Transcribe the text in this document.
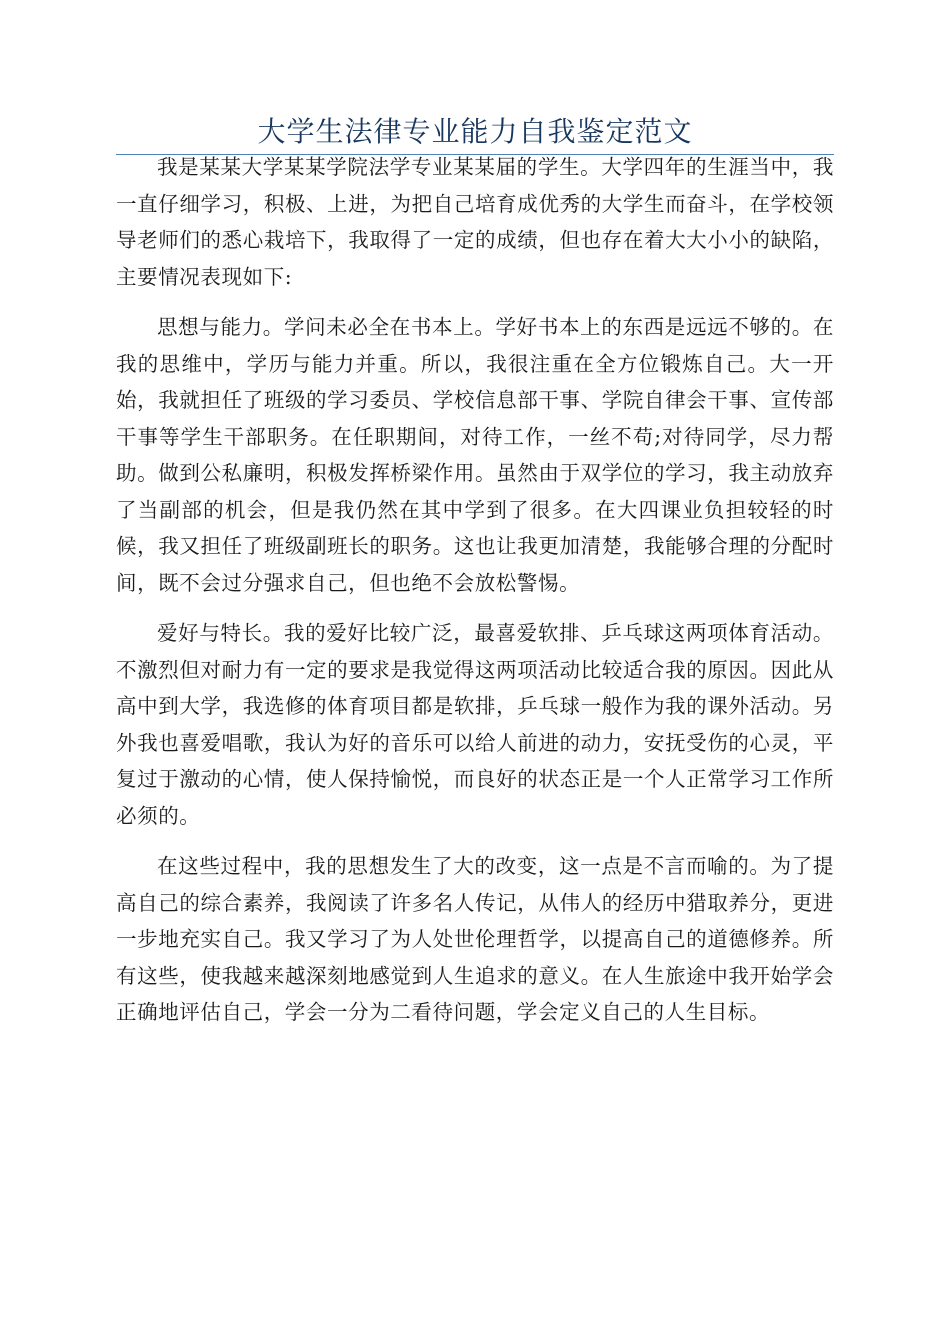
大学生法律专业能力自我鉴定范文

我是某某大学某某学院法学专业某某届的学生。大学四年的生涯当中，我一直仔细学习，积极、上进，为把自己培育成优秀的大学生而奋斗，在学校领导老师们的悉心栽培下，我取得了一定的成绩，但也存在着大大小小的缺陷，主要情况表现如下:

思想与能力。学问未必全在书本上。学好书本上的东西是远远不够的。在我的思维中，学历与能力并重。所以，我很注重在全方位锻炼自己。大一开始，我就担任了班级的学习委员、学校信息部干事、学院自律会干事、宣传部干事等学生干部职务。在任职期间，对待工作，一丝不苟;对待同学，尽力帮助。做到公私廉明，积极发挥桥梁作用。虽然由于双学位的学习，我主动放弃了当副部的机会，但是我仍然在其中学到了很多。在大四课业负担较轻的时候，我又担任了班级副班长的职务。这也让我更加清楚，我能够合理的分配时间，既不会过分强求自己，但也绝不会放松警惕。

爱好与特长。我的爱好比较广泛，最喜爱软排、乒乓球这两项体育活动。不激烈但对耐力有一定的要求是我觉得这两项活动比较适合我的原因。因此从高中到大学，我选修的体育项目都是软排，乒乓球一般作为我的课外活动。另外我也喜爱唱歌，我认为好的音乐可以给人前进的动力，安抚受伤的心灵，平复过于激动的心情，使人保持愉悦，而良好的状态正是一个人正常学习工作所必须的。

在这些过程中，我的思想发生了大的改变，这一点是不言而喻的。为了提高自己的综合素养，我阅读了许多名人传记，从伟人的经历中猎取养分，更进一步地充实自己。我又学习了为人处世伦理哲学，以提高自己的道德修养。所有这些，使我越来越深刻地感觉到人生追求的意义。在人生旅途中我开始学会正确地评估自己，学会一分为二看待问题，学会定义自己的人生目标。
